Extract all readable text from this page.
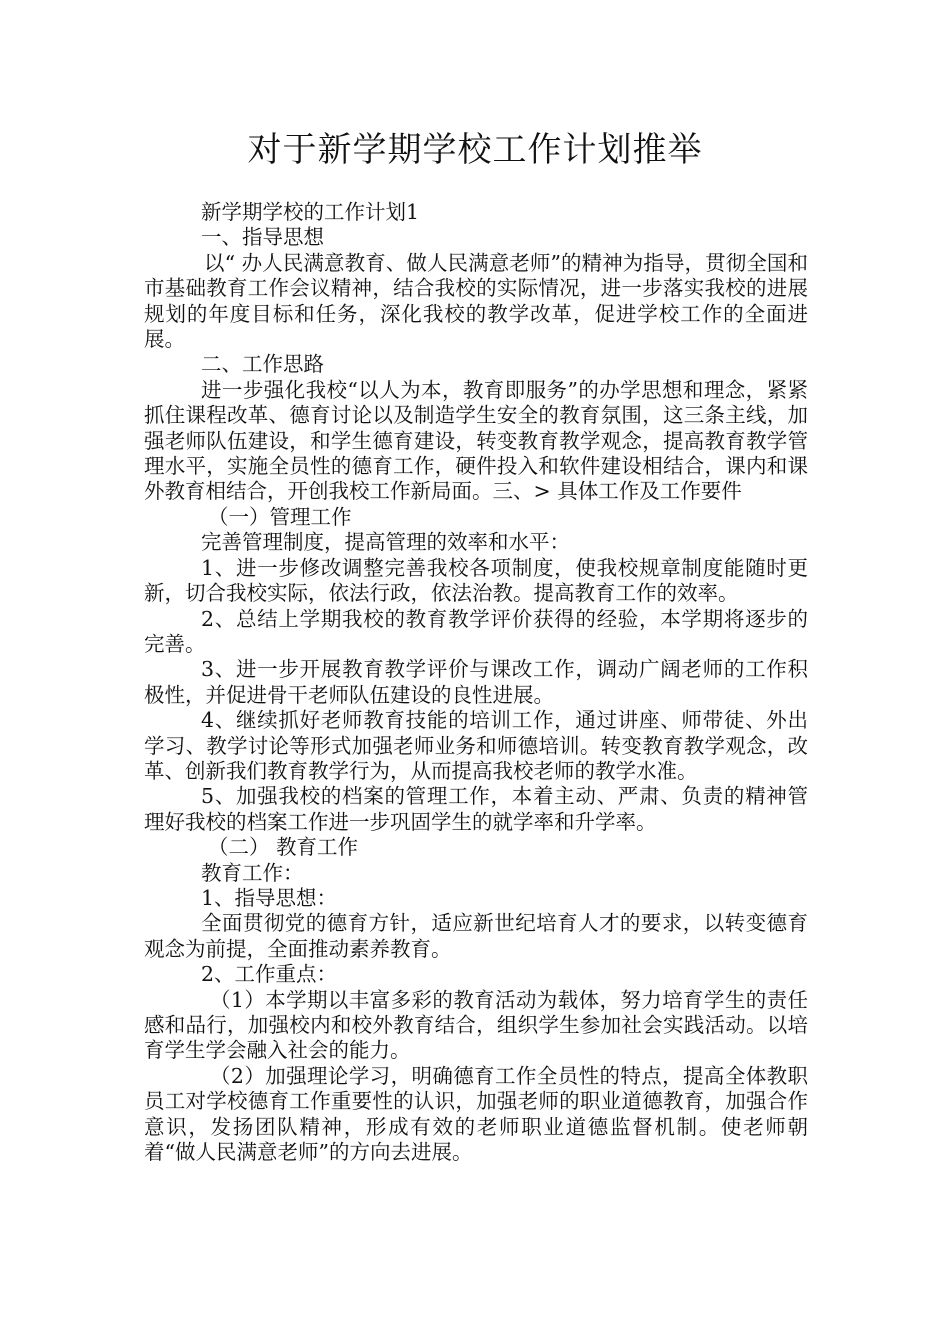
对于新学期学校工作计划推举

新学期学校的工作计划1

一、指导思想

以“ 办人民满意教育、做人民满意老师”的精神为指导，贯彻全国和市基础教育工作会议精神，结合我校的实际情况，进一步落实我校的进展规划的年度目标和任务，深化我校的教学改革，促进学校工作的全面进展。

二、工作思路

进一步强化我校“以人为本，教育即服务”的办学思想和理念，紧紧抓住课程改革、德育讨论以及制造学生安全的教育氛围，这三条主线，加强老师队伍建设，和学生德育建设，转变教育教学观念，提高教育教学管理水平，实施全员性的德育工作，硬件投入和软件建设相结合，课内和课外教育相结合，开创我校工作新局面。三、> 具体工作及工作要件

（一）管理工作

完善管理制度，提高管理的效率和水平：

1、进一步修改调整完善我校各项制度，使我校规章制度能随时更新，切合我校实际，依法行政，依法治教。提高教育工作的效率。

2、总结上学期我校的教育教学评价获得的经验，本学期将逐步的完善。

3、进一步开展教育教学评价与课改工作，调动广阔老师的工作积极性，并促进骨干老师队伍建设的良性进展。

4、继续抓好老师教育技能的培训工作，通过讲座、师带徒、外出学习、教学讨论等形式加强老师业务和师德培训。转变教育教学观念，改革、创新我们教育教学行为，从而提高我校老师的教学水准。

5、加强我校的档案的管理工作，本着主动、严肃、负责的精神管理好我校的档案工作进一步巩固学生的就学率和升学率。

（二） 教育工作

教育工作：

1、指导思想：

全面贯彻党的德育方针，适应新世纪培育人才的要求，以转变德育观念为前提，全面推动素养教育。

2、工作重点：

（1）本学期以丰富多彩的教育活动为载体，努力培育学生的责任感和品行，加强校内和校外教育结合，组织学生参加社会实践活动。以培育学生学会融入社会的能力。

（2）加强理论学习，明确德育工作全员性的特点，提高全体教职员工对学校德育工作重要性的认识，加强老师的职业道德教育，加强合作意识，发扬团队精神，形成有效的老师职业道德监督机制。使老师朝着“做人民满意老师”的方向去进展。
